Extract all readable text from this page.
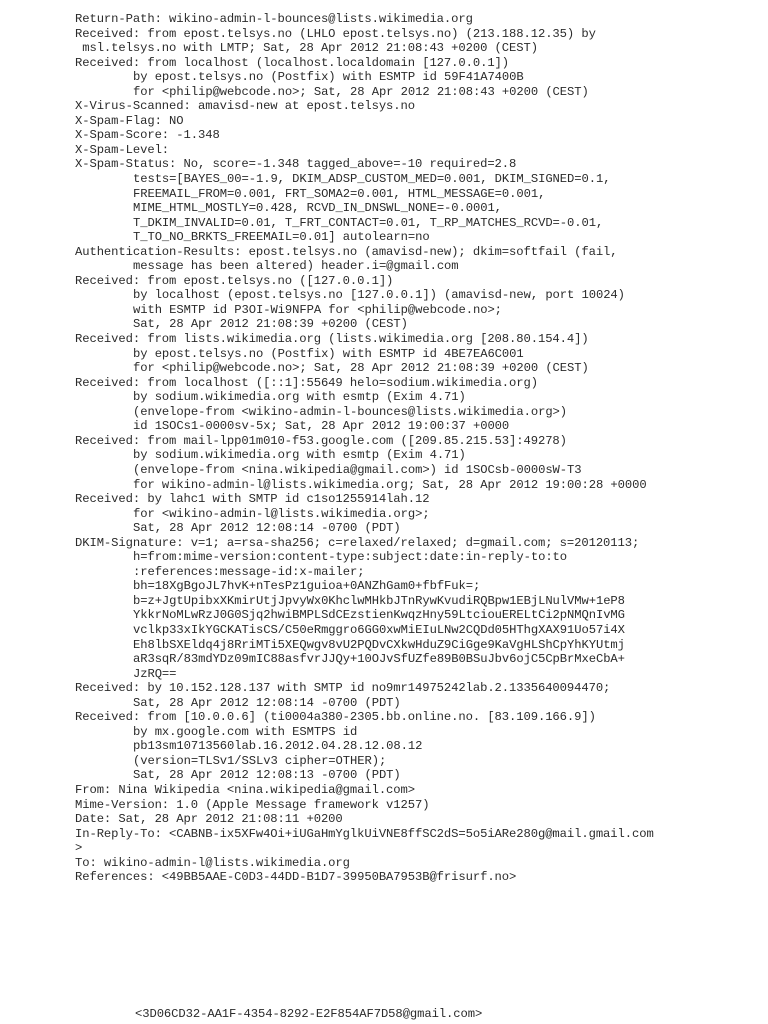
Return-Path: wikino-admin-l-bounces@lists.wikimedia.org
Received: from epost.telsys.no (LHLO epost.telsys.no) (213.188.12.35) by
msl.telsys.no with LMTP; Sat, 28 Apr 2012 21:08:43 +0200 (CEST)
Received: from localhost (localhost.localdomain [127.0.0.1])
by epost.telsys.no (Postfix) with ESMTP id 59F41A7400B
for <philip@webcode.no>; Sat, 28 Apr 2012 21:08:43 +0200 (CEST)
X-Virus-Scanned: amavisd-new at epost.telsys.no
X-Spam-Flag: NO
X-Spam-Score: -1.348
X-Spam-Level:
X-Spam-Status: No, score=-1.348 tagged_above=-10 required=2.8
tests=[BAYES_00=-1.9, DKIM_ADSP_CUSTOM_MED=0.001, DKIM_SIGNED=0.1,
FREEMAIL_FROM=0.001, FRT_SOMA2=0.001, HTML_MESSAGE=0.001,
MIME_HTML_MOSTLY=0.428, RCVD_IN_DNSWL_NONE=-0.0001,
T_DKIM_INVALID=0.01, T_FRT_CONTACT=0.01, T_RP_MATCHES_RCVD=-0.01,
T_TO_NO_BRKTS_FREEMAIL=0.01] autolearn=no
Authentication-Results: epost.telsys.no (amavisd-new); dkim=softfail (fail,
message has been altered) header.i=@gmail.com
Received: from epost.telsys.no ([127.0.0.1])
by localhost (epost.telsys.no [127.0.0.1]) (amavisd-new, port 10024)
with ESMTP id P3OI-Wi9NFPA for <philip@webcode.no>;
Sat, 28 Apr 2012 21:08:39 +0200 (CEST)
Received: from lists.wikimedia.org (lists.wikimedia.org [208.80.154.4])
by epost.telsys.no (Postfix) with ESMTP id 4BE7EA6C001
for <philip@webcode.no>; Sat, 28 Apr 2012 21:08:39 +0200 (CEST)
Received: from localhost ([::1]:55649 helo=sodium.wikimedia.org)
by sodium.wikimedia.org with esmtp (Exim 4.71)
(envelope-from <wikino-admin-l-bounces@lists.wikimedia.org>)
id 1SOCs1-0000sv-5x; Sat, 28 Apr 2012 19:00:37 +0000
Received: from mail-lpp01m010-f53.google.com ([209.85.215.53]:49278)
by sodium.wikimedia.org with esmtp (Exim 4.71)
(envelope-from <nina.wikipedia@gmail.com>) id 1SOCsb-0000sW-T3
for wikino-admin-l@lists.wikimedia.org; Sat, 28 Apr 2012 19:00:28 +0000
Received: by lahc1 with SMTP id c1so1255914lah.12
for <wikino-admin-l@lists.wikimedia.org>;
Sat, 28 Apr 2012 12:08:14 -0700 (PDT)
DKIM-Signature: v=1; a=rsa-sha256; c=relaxed/relaxed; d=gmail.com; s=20120113;
h=from:mime-version:content-type:subject:date:in-reply-to:to
:references:message-id:x-mailer;
bh=18XgBgoJL7hvK+nTesPz1guioa+0ANZhGam0+fbfFuk=;
b=z+JgtUpibxXKmirUtjJpvyWx0KhclwMHkbJTnRywKvudiRQBpw1EBjLNulVMw+1eP8
YkkrNoMLwRzJ0G0Sjq2hwiBMPLSdCEzstienKwqzHny59LtciouERELtCi2pNMQnIvMG
vclkp33xIkYGCKATisCS/C50eRmggro6GG0xwMiEIuLNw2CQDd05HThgXAX91Uo57i4X
Eh8lbSXEldq4j8RriMTi5XEQwgv8vU2PQDvCXkwHduZ9CiGge9KaVgHLShCpYhKYUtmj
aR3sqR/83mdYDz09mIC88asfvrJJQy+10OJvSfUZfe89B0BSuJbv6ojC5CpBrMxeCbA+
JzRQ==
Received: by 10.152.128.137 with SMTP id no9mr14975242lab.2.1335640094470;
Sat, 28 Apr 2012 12:08:14 -0700 (PDT)
Received: from [10.0.0.6] (ti0004a380-2305.bb.online.no. [83.109.166.9])
by mx.google.com with ESMTPS id
pb13sm10713560lab.16.2012.04.28.12.08.12
(version=TLSv1/SSLv3 cipher=OTHER);
Sat, 28 Apr 2012 12:08:13 -0700 (PDT)
From: Nina Wikipedia <nina.wikipedia@gmail.com>
Mime-Version: 1.0 (Apple Message framework v1257)
Date: Sat, 28 Apr 2012 21:08:11 +0200
In-Reply-To: <CABNB-ix5XFw4Oi+iUGaHmYglkUiVNE8ffSC2dS=5o5iARe280g@mail.gmail.com
>
To: wikino-admin-l@lists.wikimedia.org
References: <49BB5AAE-C0D3-44DD-B1D7-39950BA7953B@frisurf.no>
<3D06CD32-AA1F-4354-8292-E2F854AF7D58@gmail.com>
